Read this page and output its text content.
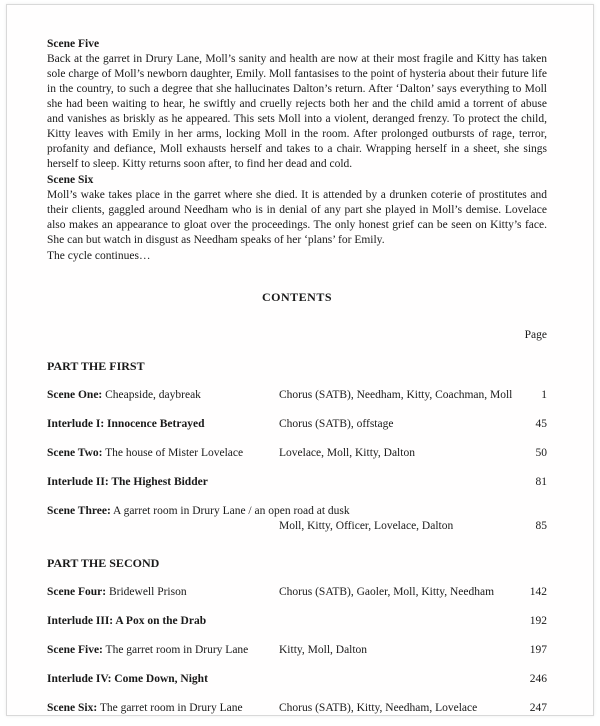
Scene Five

Back at the garret in Drury Lane, Moll’s sanity and health are now at their most fragile and Kitty has taken sole charge of Moll’s newborn daughter, Emily. Moll fantasises to the point of hysteria about their future life in the country, to such a degree that she hallucinates Dalton’s return. After ‘Dalton’ says everything to Moll she had been waiting to hear, he swiftly and cruelly rejects both her and the child amid a torrent of abuse and vanishes as briskly as he appeared. This sets Moll into a violent, deranged frenzy. To protect the child, Kitty leaves with Emily in her arms, locking Moll in the room. After prolonged outbursts of rage, terror, profanity and defiance, Moll exhausts herself and takes to a chair. Wrapping herself in a sheet, she sings herself to sleep. Kitty returns soon after, to find her dead and cold.

Scene Six

Moll’s wake takes place in the garret where she died. It is attended by a drunken coterie of prostitutes and their clients, gaggled around Needham who is in denial of any part she played in Moll’s demise. Lovelace also makes an appearance to gloat over the proceedings. The only honest grief can be seen on Kitty’s face. She can but watch in disgust as Needham speaks of her ‘plans’ for Emily.

The cycle continues…

CONTENTS
Page
PART THE FIRST
Scene One: Cheapside, daybreak	Chorus (SATB), Needham, Kitty, Coachman, Moll	1
Interlude I: Innocence Betrayed	Chorus (SATB), offstage	45
Scene Two: The house of Mister Lovelace	Lovelace, Moll, Kitty, Dalton	50
Interlude II: The Highest Bidder	81
Scene Three: A garret room in Drury Lane / an open road at dusk
Moll, Kitty, Officer, Lovelace, Dalton	85
PART THE SECOND
Scene Four: Bridewell Prison	Chorus (SATB), Gaoler, Moll, Kitty, Needham	142
Interlude III: A Pox on the Drab	192
Scene Five: The garret room in Drury Lane	Kitty, Moll, Dalton	197
Interlude IV: Come Down, Night	246
Scene Six: The garret room in Drury Lane	Chorus (SATB), Kitty, Needham, Lovelace	247
